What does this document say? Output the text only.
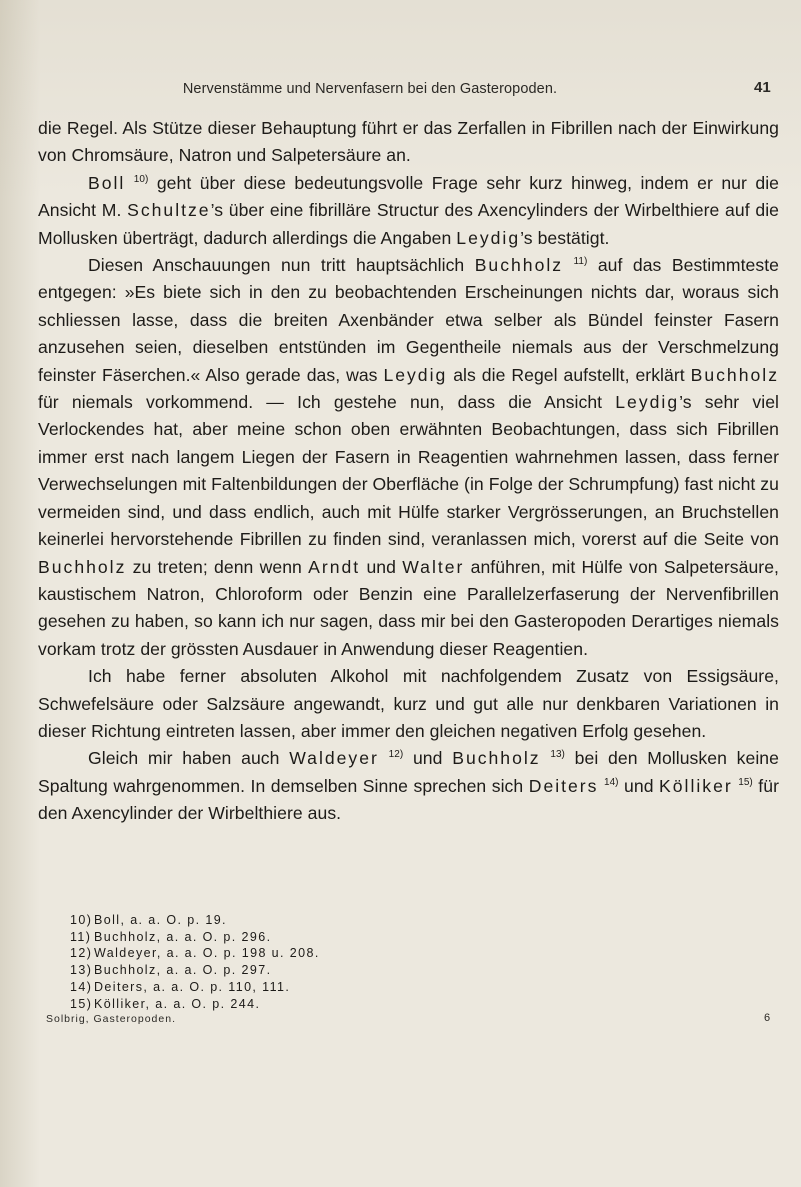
Nervenstämme und Nervenfasern bei den Gasteropoden.	41

die Regel. Als Stütze dieser Behauptung führt er das Zerfallen in Fibrillen nach der Einwirkung von Chromsäure, Natron und Salpetersäure an.

Boll $^{10)}$ geht über diese bedeutungsvolle Frage sehr kurz hinweg, indem er nur die Ansicht M. Schultze’s über eine fibrilläre Structur des Axencylinders der Wirbelthiere auf die Mollusken überträgt, dadurch allerdings die Angaben Leydig’s bestätigt.

Diesen Anschauungen nun tritt hauptsächlich Buchholz $^{11)}$ auf das Bestimmteste entgegen: »Es biete sich in den zu beobachtenden Erscheinungen nichts dar, woraus sich schliessen lasse, dass die breiten Axenbänder etwa selber als Bündel feinster Fasern anzusehen seien, dieselben entstünden im Gegentheile niemals aus der Verschmelzung feinster Fäserchen.« Also gerade das, was Leydig als die Regel aufstellt, erklärt Buchholz für niemals vorkommend. — Ich gestehe nun, dass die Ansicht Leydig’s sehr viel Verlockendes hat, aber meine schon oben erwähnten Beobachtungen, dass sich Fibrillen immer erst nach langem Liegen der Fasern in Reagentien wahrnehmen lassen, dass ferner Verwechselungen mit Faltenbildungen der Oberfläche (in Folge der Schrumpfung) fast nicht zu vermeiden sind, und dass endlich, auch mit Hülfe starker Vergrösserungen, an Bruchstellen keinerlei hervorstehende Fibrillen zu finden sind, veranlassen mich, vorerst auf die Seite von Buchholz zu treten; denn wenn Arndt und Walter anführen, mit Hülfe von Salpetersäure, kaustischem Natron, Chloroform oder Benzin eine Parallelzerfaserung der Nervenfibrillen gesehen zu haben, so kann ich nur sagen, dass mir bei den Gasteropoden Derartiges niemals vorkam trotz der grössten Ausdauer in Anwendung dieser Reagentien.

Ich habe ferner absoluten Alkohol mit nachfolgendem Zusatz von Essigsäure, Schwefelsäure oder Salzsäure angewandt, kurz und gut alle nur denkbaren Variationen in dieser Richtung eintreten lassen, aber immer den gleichen negativen Erfolg gesehen.

Gleich mir haben auch Waldeyer $^{12)}$ und Buchholz $^{13)}$ bei den Mollusken keine Spaltung wahrgenommen. In demselben Sinne sprechen sich Deiters $^{14)}$ und Kölliker $^{15)}$ für den Axencylinder der Wirbelthiere aus.

10) Boll, a. a. O. p. 19.
11) Buchholz, a. a. O. p. 296.
12) Waldeyer, a. a. O. p. 198 u. 208.
13) Buchholz, a. a. O. p. 297.
14) Deiters, a. a. O. p. 110, 111.
15) Kölliker, a. a. O. p. 244.
Solbrig, Gasteropoden.	6
